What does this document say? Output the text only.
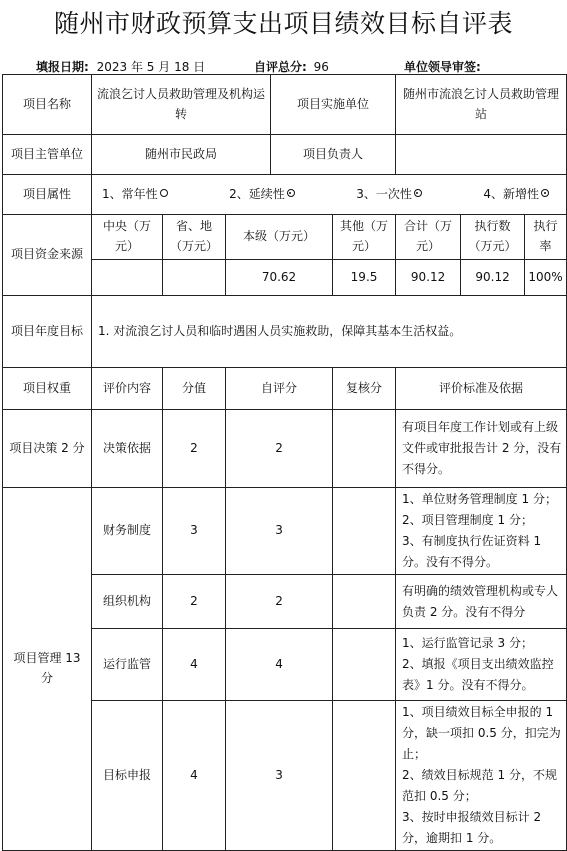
随州市财政预算支出项目绩效目标自评表
填报日期: 2023 年 5 月 18 日	自评总分: 96	单位领导审签:
项目名称	流浪乞讨人员救助管理及机构运转			项目实施单位		随州市流浪乞讨人员救助管理站		
项目主管单位	随州市民政局			项目负责人				
项目属性	1、常年性 2、延续性 3、一次性 4、新增性							

项目资金来源	中央（万元）	省、地（万元）	本级（万元）		其他（万元）	合计（万元）	执行数（万元）	执行率
			70.62		19.5	90.12	90.12	100%
项目年度目标	1. 对流浪乞讨人员和临时遇困人员实施救助，保障其基本生活权益。							
项目权重	评价内容	分值	自评分		复核分	评价标准及依据		
项目决策 2 分	决策依据	2	2			有项目年度工作计划或有上级文件或审批报告计 2 分，没有不得分。		

项目管理 13 分	财务制度	3	3			1、单位财务管理制度 1 分；
2、项目管理制度 1 分；
3、有制度执行佐证资料 1 分。没有不得分。		

	组织机构	2	2			有明确的绩效管理机构或专人负责 2 分。没有不得分		

	运行监管	4	4			1、运行监管记录 3 分；
2、填报《项目支出绩效监控表》1 分。没有不得分。		

	目标申报	4	3			1、项目绩效目标全申报的 1 分，缺一项扣 0.5 分，扣完为止；
2、绩效目标规范 1 分，不规范扣 0.5 分；
3、按时申报绩效目标计 2 分，逾期扣 1 分。		
